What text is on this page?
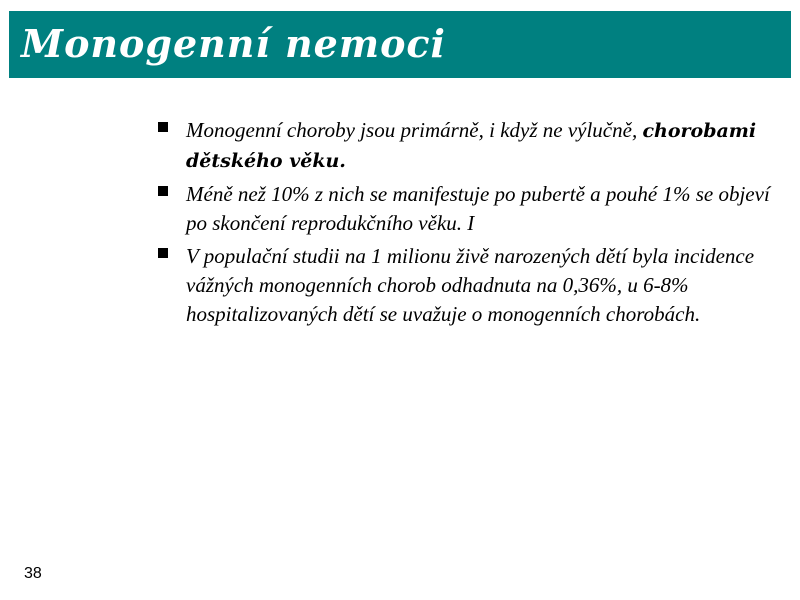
Monogenní nemoci
Monogenní choroby jsou primárně, i když ne výlučně, chorobami dětského věku.
Méně než 10% z nich se manifestuje po pubertě a pouhé 1% se objeví po skončení reprodukčního věku. I
V populační studii na 1 milionu živě narozených dětí byla incidence vážných monogenních chorob odhadnuta na 0,36%, u 6-8% hospitalizovaných dětí se uvažuje o monogenních chorobách.
38
